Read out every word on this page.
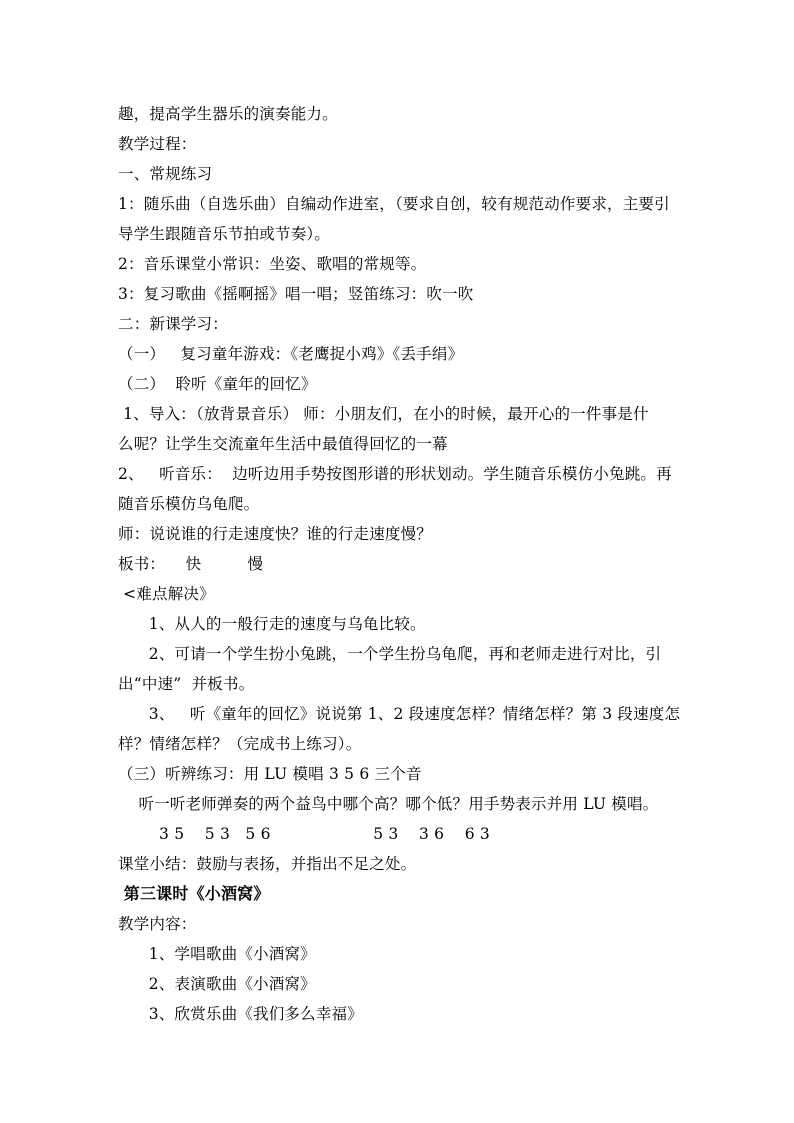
趣，提高学生器乐的演奏能力。
教学过程：
一、常规练习
1：随乐曲（自选乐曲）自编动作进室，（要求自创，较有规范动作要求，主要引
导学生跟随音乐节拍或节奏）。
2：音乐课堂小常识：坐姿、歌唱的常规等。
3：复习歌曲《摇啊摇》唱一唱；竖笛练习：吹一吹
二：新课学习：
（一）   复习童年游戏：《老鹰捉小鸡》《丢手绢》
（二）  聆听《童年的回忆》
1、导入：（放背景音乐） 师：小朋友们，在小的时候，最开心的一件事是什
么呢？让学生交流童年生活中最值得回忆的一幕
2、   听音乐：  边听边用手势按图形谱的形状划动。学生随音乐模仿小兔跳。再
随音乐模仿乌龟爬。
师：说说谁的行走速度快？谁的行走速度慢？
板书：    快         慢
<难点解决》
1、从人的一般行走的速度与乌龟比较。
2、可请一个学生扮小兔跳，一个学生扮乌龟爬，再和老师走进行对比，引
出“中速”  并板书。
3、   听《童年的回忆》说说第 1、2 段速度怎样？情绪怎样？第 3 段速度怎
样？情绪怎样？（完成书上练习）。
（三）听辨练习：用 LU 模唱 3 5 6 三个音
听一听老师弹奏的两个益鸟中哪个高？哪个低？用手势表示并用 LU 模唱。
3 5    5 3   5 6                    5 3    3 6    6 3
课堂小结：鼓励与表扬，并指出不足之处。
第三课时《小酒窝》
教学内容：
1、学唱歌曲《小酒窝》
2、表演歌曲《小酒窝》
3、欣赏乐曲《我们多么幸福》
